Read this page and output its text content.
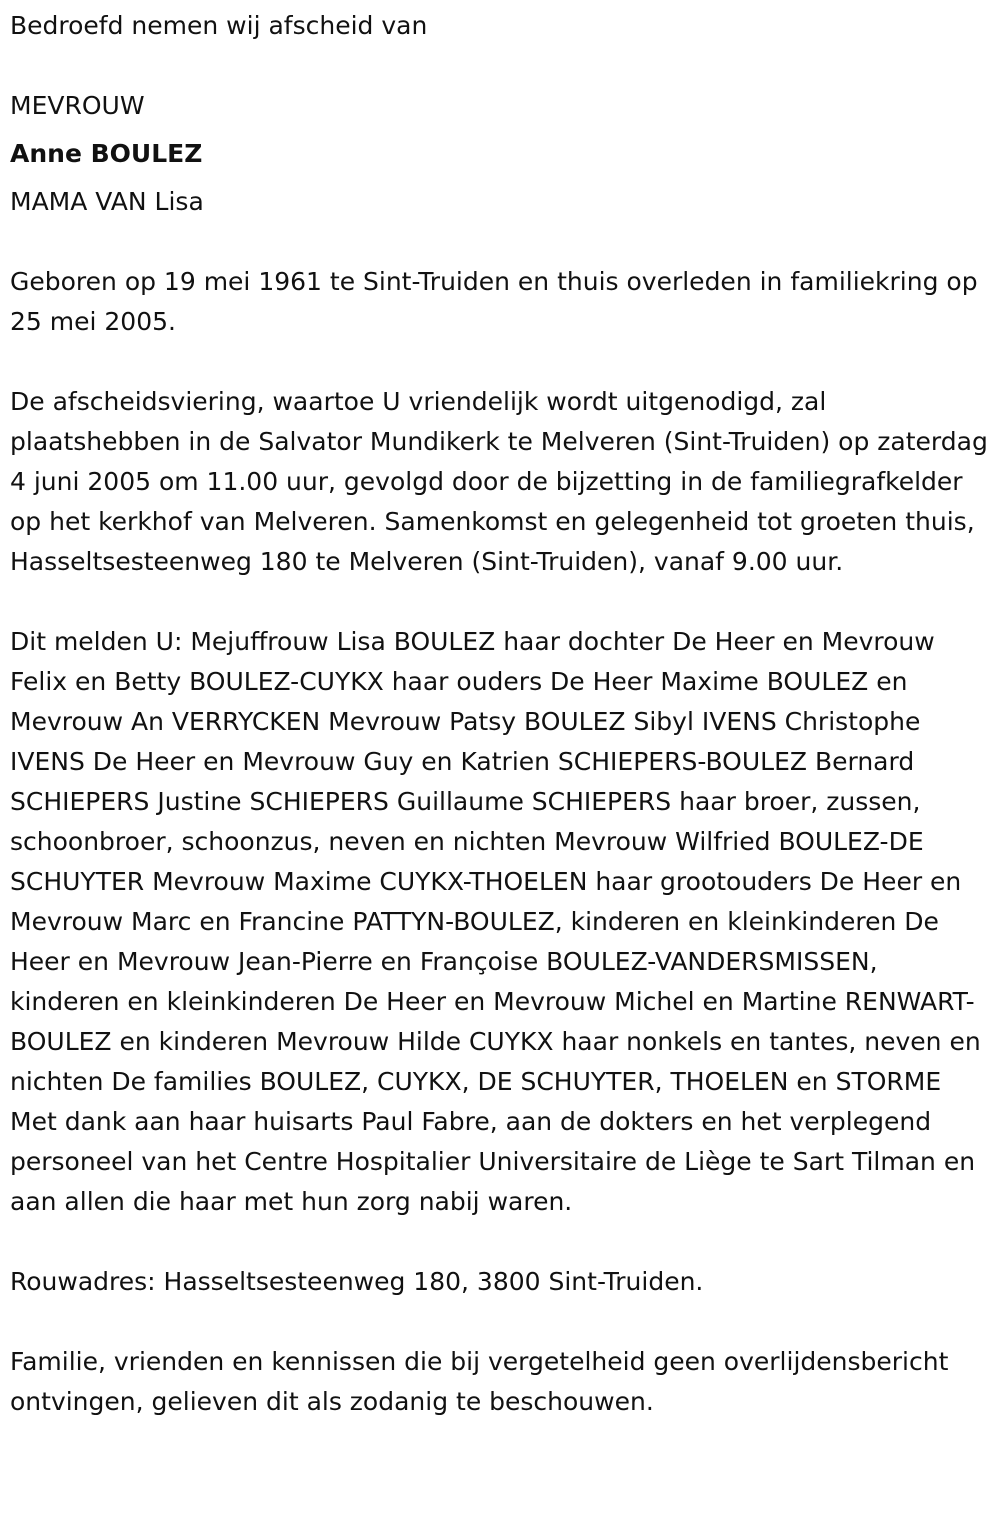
Bedroefd nemen wij afscheid van

MEVROUW

Anne BOULEZ

MAMA VAN Lisa

Geboren op 19 mei 1961 te Sint-Truiden en thuis overleden in familiekring op 25 mei 2005.

De afscheidsviering, waartoe U vriendelijk wordt uitgenodigd, zal plaatshebben in de Salvator Mundikerk te Melveren (Sint-Truiden) op zaterdag 4 juni 2005 om 11.00 uur, gevolgd door de bijzetting in de familiegrafkelder op het kerkhof van Melveren. Samenkomst en gelegenheid tot groeten thuis, Hasseltsesteenweg 180 te Melveren (Sint-Truiden), vanaf 9.00 uur.

Dit melden U: Mejuffrouw Lisa BOULEZ haar dochter De Heer en Mevrouw Felix en Betty BOULEZ-CUYKX haar ouders De Heer Maxime BOULEZ en Mevrouw An VERRYCKEN Mevrouw Patsy BOULEZ Sibyl IVENS Christophe IVENS De Heer en Mevrouw Guy en Katrien SCHIEPERS-BOULEZ Bernard SCHIEPERS Justine SCHIEPERS Guillaume SCHIEPERS haar broer, zussen, schoonbroer, schoonzus, neven en nichten Mevrouw Wilfried BOULEZ-DE SCHUYTER Mevrouw Maxime CUYKX-THOELEN haar grootouders De Heer en Mevrouw Marc en Francine PATTYN-BOULEZ, kinderen en kleinkinderen De Heer en Mevrouw Jean-Pierre en Françoise BOULEZ-VANDERSMISSEN, kinderen en kleinkinderen De Heer en Mevrouw Michel en Martine RENWART-BOULEZ en kinderen Mevrouw Hilde CUYKX haar nonkels en tantes, neven en nichten De families BOULEZ, CUYKX, DE SCHUYTER, THOELEN en STORME Met dank aan haar huisarts Paul Fabre, aan de dokters en het verplegend personeel van het Centre Hospitalier Universitaire de Liège te Sart Tilman en aan allen die haar met hun zorg nabij waren.

Rouwadres: Hasseltsesteenweg 180, 3800 Sint-Truiden.

Familie, vrienden en kennissen die bij vergetelheid geen overlijdensbericht ontvingen, gelieven dit als zodanig te beschouwen.
